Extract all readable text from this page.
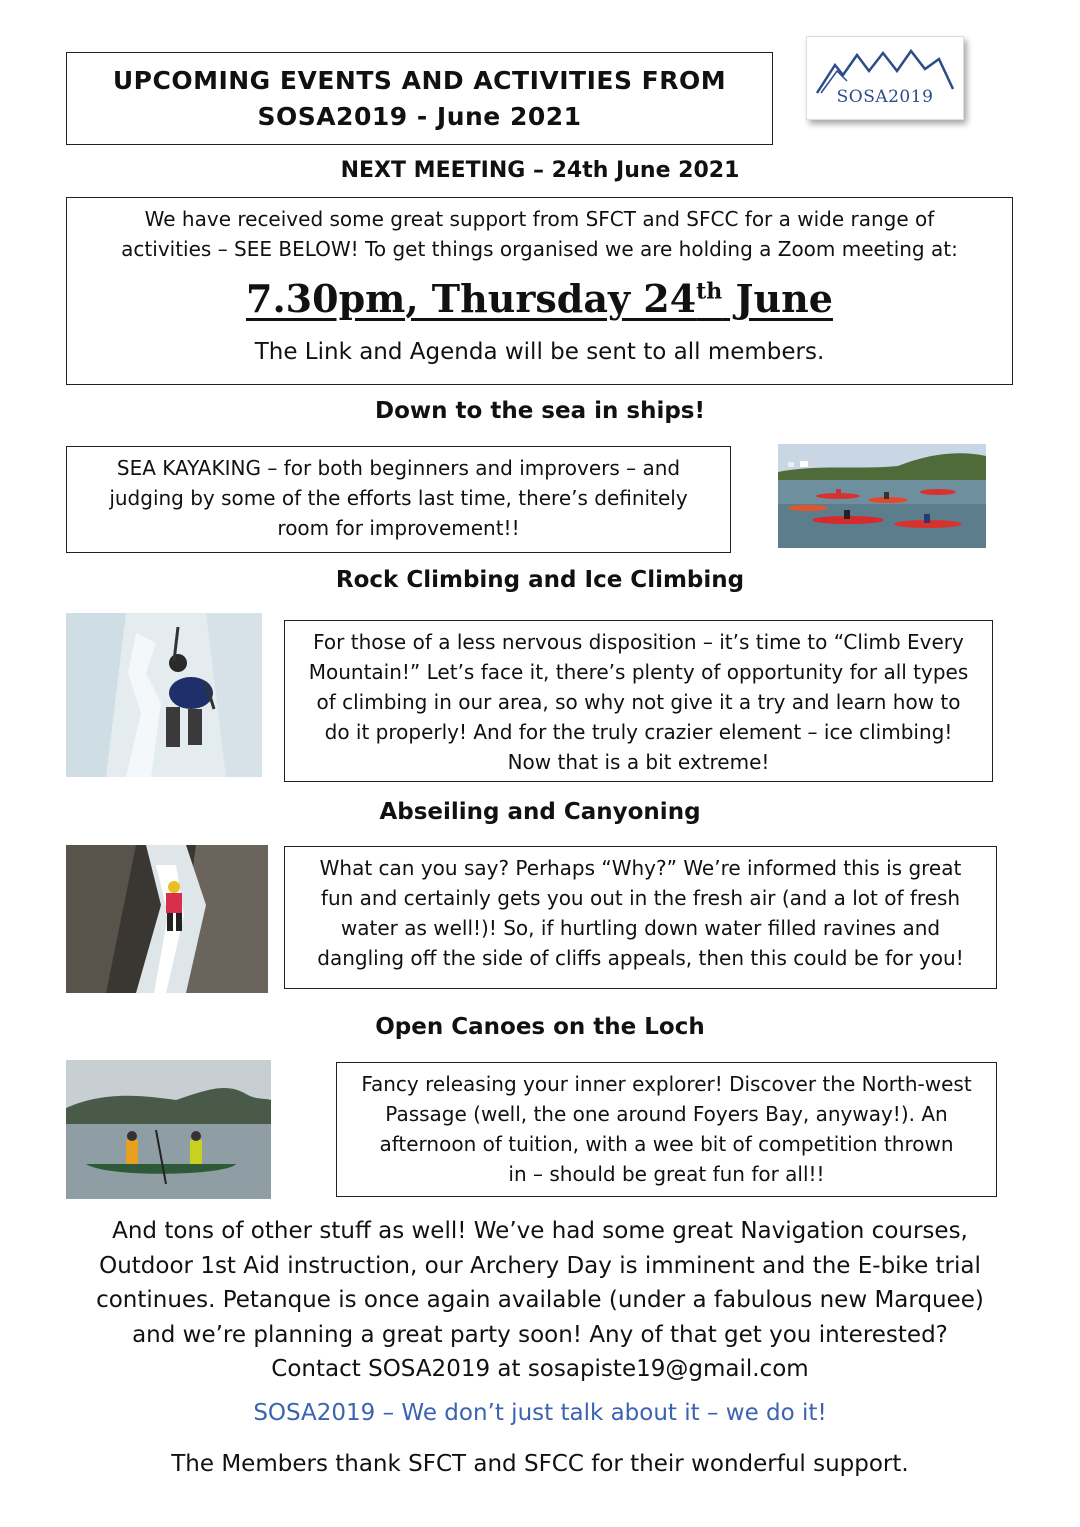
UPCOMING EVENTS AND ACTIVITIES FROM
SOSA2019 - June 2021
SOSA2019
NEXT MEETING – 24th June 2021
We have received some great support from SFCT and SFCC for a wide range of
activities – SEE BELOW! To get things organised we are holding a Zoom meeting at:
7.30pm, Thursday 24th June
The Link and Agenda will be sent to all members.
Down to the sea in ships!
SEA KAYAKING – for both beginners and improvers – and
judging by some of the efforts last time, there’s definitely
room for improvement!!
Rock Climbing and Ice Climbing
For those of a less nervous disposition – it’s time to “Climb Every
Mountain!” Let’s face it, there’s plenty of opportunity for all types
of climbing in our area, so why not give it a try and learn how to
do it properly! And for the truly crazier element – ice climbing!
Now that is a bit extreme!
Abseiling and Canyoning
What can you say? Perhaps “Why?” We’re informed this is great
fun and certainly gets you out in the fresh air (and a lot of fresh
water as well!)! So, if hurtling down water filled ravines and
dangling off the side of cliffs appeals, then this could be for you!
Open Canoes on the Loch
Fancy releasing your inner explorer! Discover the North-west
Passage (well, the one around Foyers Bay, anyway!). An
afternoon of tuition, with a wee bit of competition thrown
in – should be great fun for all!!
And tons of other stuff as well! We’ve had some great Navigation courses,
Outdoor 1st Aid instruction, our Archery Day is imminent and the E-bike trial
continues. Petanque is once again available (under a fabulous new Marquee)
and we’re planning a great party soon! Any of that get you interested?
Contact SOSA2019 at sosapiste19@gmail.com
SOSA2019 – We don’t just talk about it – we do it!
The Members thank SFCT and SFCC for their wonderful support.
